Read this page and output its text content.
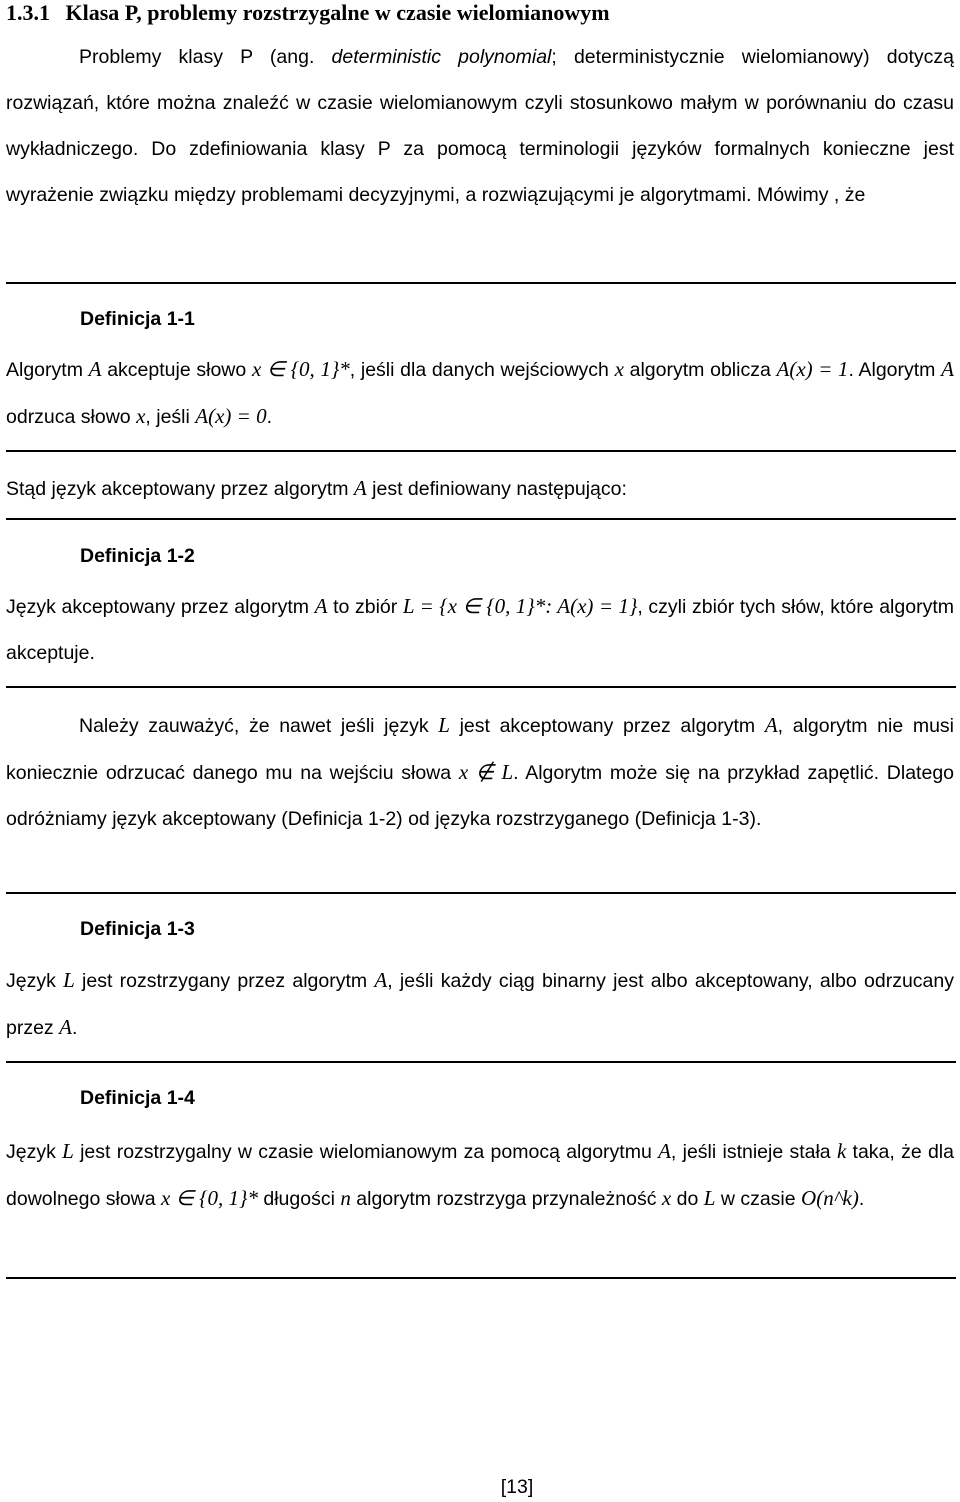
1.3.1 Klasa P, problemy rozstrzygalne w czasie wielomianowym
Problemy klasy P (ang. deterministic polynomial; deterministycznie wielomianowy) dotyczą rozwiązań, które można znaleźć w czasie wielomianowym czyli stosunkowo małym w porównaniu do czasu wykładniczego. Do zdefiniowania klasy P za pomocą terminologii języków formalnych konieczne jest wyrażenie związku między problemami decyzyjnymi, a rozwiązującymi je algorytmami. Mówimy , że
Definicja 1-1
Algorytm A akceptuje słowo x ∈ {0, 1}*, jeśli dla danych wejściowych x algorytm oblicza A(x) = 1. Algorytm A odrzuca słowo x, jeśli A(x) = 0.
Stąd język akceptowany przez algorytm A jest definiowany następująco:
Definicja 1-2
Język akceptowany przez algorytm A to zbiór L = {x ∈ {0, 1}*: A(x) = 1}, czyli zbiór tych słów, które algorytm akceptuje.
Należy zauważyć, że nawet jeśli język L jest akceptowany przez algorytm A, algorytm nie musi koniecznie odrzucać danego mu na wejściu słowa x ∉ L. Algorytm może się na przykład zapętlić. Dlatego odróżniamy język akceptowany (Definicja 1-2) od języka rozstrzyganego (Definicja 1-3).
Definicja 1-3
Język L jest rozstrzygany przez algorytm A, jeśli każdy ciąg binarny jest albo akceptowany, albo odrzucany przez A.
Definicja 1-4
Język L jest rozstrzygalny w czasie wielomianowym za pomocą algorytmu A, jeśli istnieje stała k taka, że dla dowolnego słowa x ∈ {0, 1}* długości n algorytm rozstrzyga przynależność x do L w czasie O(n^k).
[13]
